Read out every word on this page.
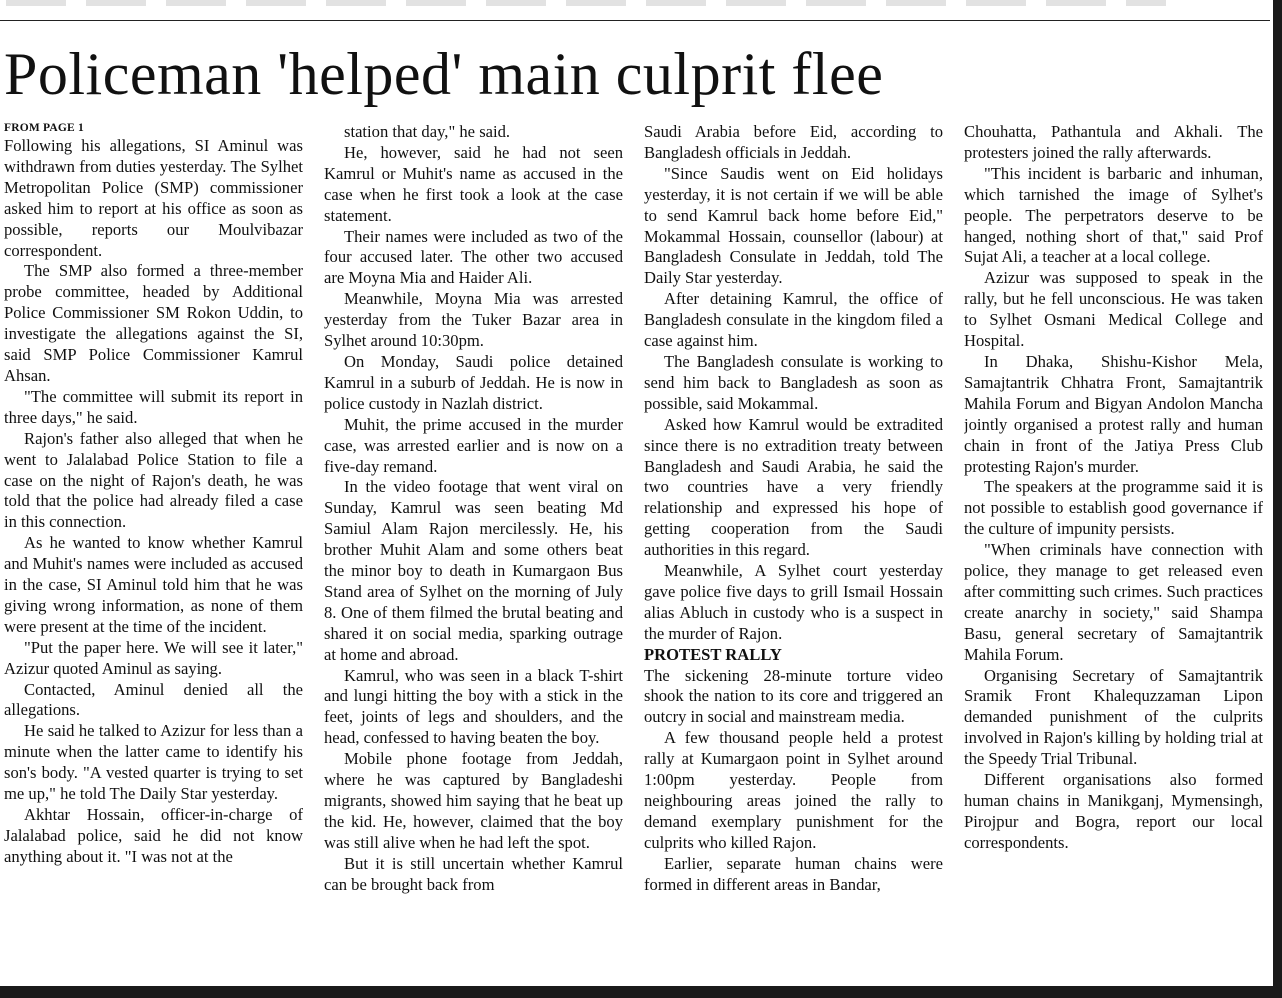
Policeman 'helped' main culprit flee
FROM PAGE 1

Following his allegations, SI Aminul was withdrawn from duties yesterday. The Sylhet Metropolitan Police (SMP) commissioner asked him to report at his office as soon as possible, reports our Moulvibazar correspondent.

The SMP also formed a three-member probe committee, headed by Additional Police Commissioner SM Rokon Uddin, to investigate the allegations against the SI, said SMP Police Commissioner Kamrul Ahsan.

"The committee will submit its report in three days," he said.

Rajon's father also alleged that when he went to Jalalabad Police Station to file a case on the night of Rajon's death, he was told that the police had already filed a case in this connection.

As he wanted to know whether Kamrul and Muhit's names were included as accused in the case, SI Aminul told him that he was giving wrong information, as none of them were present at the time of the incident.

"Put the paper here. We will see it later," Azizur quoted Aminul as saying.

Contacted, Aminul denied all the allegations.

He said he talked to Azizur for less than a minute when the latter came to identify his son's body. "A vested quarter is trying to set me up," he told The Daily Star yesterday.

Akhtar Hossain, officer-in-charge of Jalalabad police, said he did not know anything about it. "I was not at the

station that day," he said.

He, however, said he had not seen Kamrul or Muhit's name as accused in the case when he first took a look at the case statement.

Their names were included as two of the four accused later. The other two accused are Moyna Mia and Haider Ali.

Meanwhile, Moyna Mia was arrested yesterday from the Tuker Bazar area in Sylhet around 10:30pm.

On Monday, Saudi police detained Kamrul in a suburb of Jeddah. He is now in police custody in Nazlah district.

Muhit, the prime accused in the murder case, was arrested earlier and is now on a five-day remand.

In the video footage that went viral on Sunday, Kamrul was seen beating Md Samiul Alam Rajon mercilessly. He, his brother Muhit Alam and some others beat the minor boy to death in Kumargaon Bus Stand area of Sylhet on the morning of July 8. One of them filmed the brutal beating and shared it on social media, sparking outrage at home and abroad.

Kamrul, who was seen in a black T-shirt and lungi hitting the boy with a stick in the feet, joints of legs and shoulders, and the head, confessed to having beaten the boy.

Mobile phone footage from Jeddah, where he was captured by Bangladeshi migrants, showed him saying that he beat up the kid. He, however, claimed that the boy was still alive when he had left the spot.

But it is still uncertain whether Kamrul can be brought back from

Saudi Arabia before Eid, according to Bangladesh officials in Jeddah.

"Since Saudis went on Eid holidays yesterday, it is not certain if we will be able to send Kamrul back home before Eid," Mokammal Hossain, counsellor (labour) at Bangladesh Consulate in Jeddah, told The Daily Star yesterday.

After detaining Kamrul, the office of Bangladesh consulate in the kingdom filed a case against him.

The Bangladesh consulate is working to send him back to Bangladesh as soon as possible, said Mokammal.

Asked how Kamrul would be extradited since there is no extradition treaty between Bangladesh and Saudi Arabia, he said the two countries have a very friendly relationship and expressed his hope of getting cooperation from the Saudi authorities in this regard.

Meanwhile, A Sylhet court yesterday gave police five days to grill Ismail Hossain alias Abluch in custody who is a suspect in the murder of Rajon.

PROTEST RALLY

The sickening 28-minute torture video shook the nation to its core and triggered an outcry in social and mainstream media.

A few thousand people held a protest rally at Kumargaon point in Sylhet around 1:00pm yesterday. People from neighbouring areas joined the rally to demand exemplary punishment for the culprits who killed Rajon.

Earlier, separate human chains were formed in different areas in Bandar,

Chouhatta, Pathantula and Akhali. The protesters joined the rally afterwards.

"This incident is barbaric and inhuman, which tarnished the image of Sylhet's people. The perpetrators deserve to be hanged, nothing short of that," said Prof Sujat Ali, a teacher at a local college.

Azizur was supposed to speak in the rally, but he fell unconscious. He was taken to Sylhet Osmani Medical College and Hospital.

In Dhaka, Shishu-Kishor Mela, Samajtantrik Chhatra Front, Samajtantrik Mahila Forum and Bigyan Andolon Mancha jointly organised a protest rally and human chain in front of the Jatiya Press Club protesting Rajon's murder.

The speakers at the programme said it is not possible to establish good governance if the culture of impunity persists.

"When criminals have connection with police, they manage to get released even after committing such crimes. Such practices create anarchy in society," said Shampa Basu, general secretary of Samajtantrik Mahila Forum.

Organising Secretary of Samajtantrik Sramik Front Khalequzzaman Lipon demanded punishment of the culprits involved in Rajon's killing by holding trial at the Speedy Trial Tribunal.

Different organisations also formed human chains in Manikganj, Mymensingh, Pirojpur and Bogra, report our local correspondents.
